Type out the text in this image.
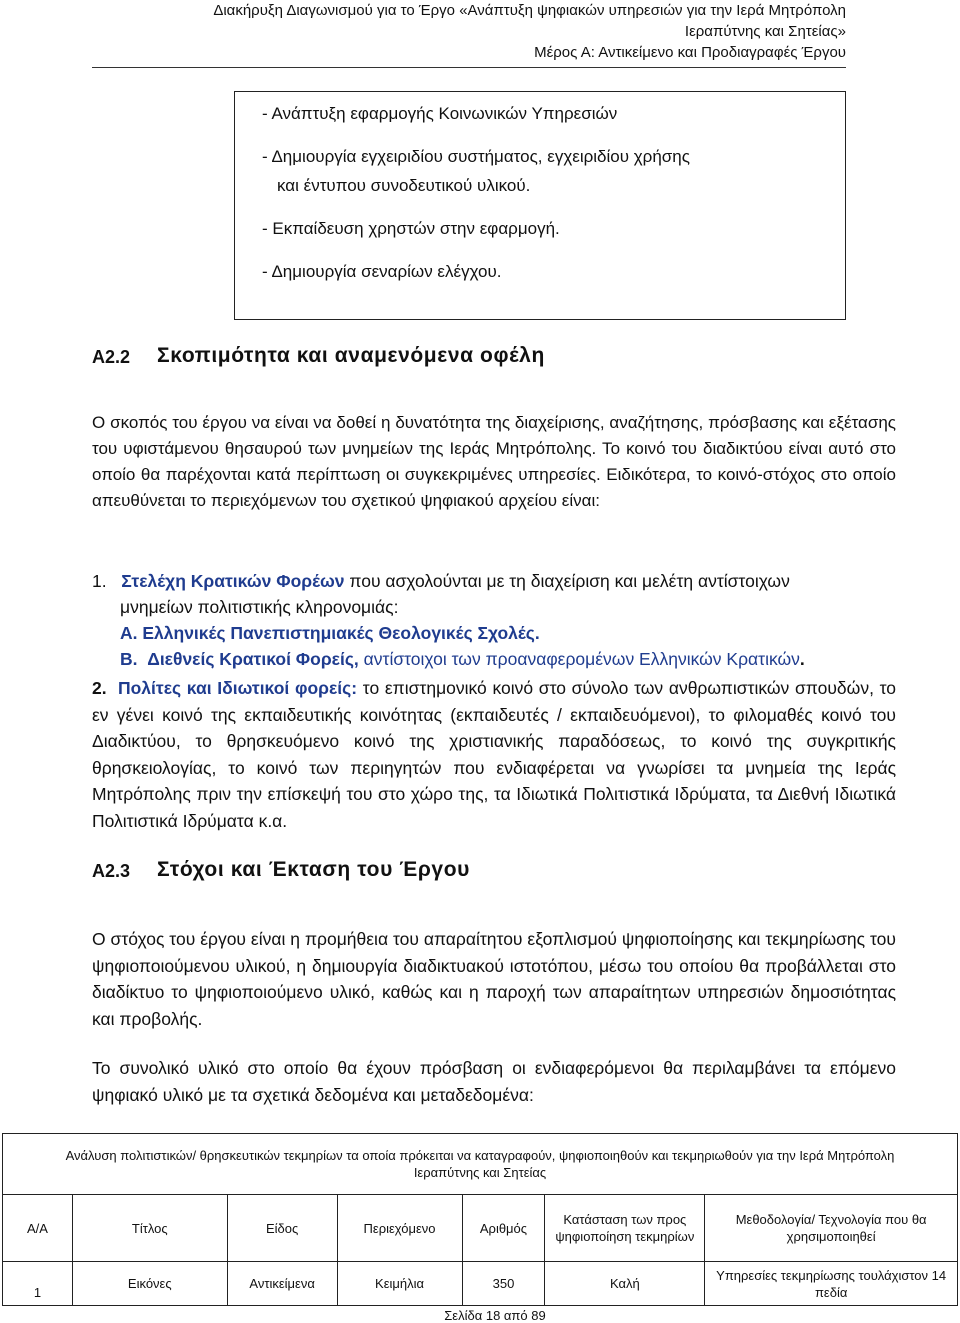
Διακήρυξη Διαγωνισμού για το Έργο «Ανάπτυξη ψηφιακών υπηρεσιών για την Ιερά Μητρόπολη
Ιεραπύτνης και Σητείας»
Μέρος Α: Αντικείμενο και Προδιαγραφές Έργου
- Ανάπτυξη εφαρμογής Κοινωνικών Υπηρεσιών
- Δημιουργία εγχειριδίου συστήματος, εγχειριδίου χρήσης
και έντυπου συνοδευτικού υλικού.
- Εκπαίδευση χρηστών στην εφαρμογή.
- Δημιουργία σεναρίων ελέγχου.
Α2.2 Σκοπιμότητα και αναμενόμενα οφέλη
Ο σκοπός του έργου να είναι να δοθεί η δυνατότητα της διαχείρισης, αναζήτησης, πρόσβασης και εξέτασης του υφιστάμενου θησαυρού των μνημείων της Ιεράς Μητρόπολης. Το κοινό του διαδικτύου είναι αυτό στο οποίο θα παρέχονται κατά περίπτωση οι συγκεκριμένες υπηρεσίες. Ειδικότερα, το κοινό-στόχος στο οποίο απευθύνεται το περιεχόμενων του σχετικού ψηφιακού αρχείου είναι:
1. Στελέχη Κρατικών Φορέων που ασχολούνται με τη διαχείριση και μελέτη αντίστοιχων
μνημείων πολιτιστικής κληρονομιάς:
Α. Ελληνικές Πανεπιστημιακές Θεολογικές Σχολές.
Β. Διεθνείς Κρατικοί Φορείς, αντίστοιχοι των προαναφερομένων Ελληνικών Κρατικών.
2. Πολίτες και Ιδιωτικοί φορείς: το επιστημονικό κοινό στο σύνολο των ανθρωπιστικών σπουδών, το εν γένει κοινό της εκπαιδευτικής κοινότητας (εκπαιδευτές / εκπαιδευόμενοι), το φιλομαθές κοινό του Διαδικτύου, το θρησκευόμενο κοινό της χριστιανικής παραδόσεως, το κοινό της συγκριτικής θρησκειολογίας, το κοινό των περιηγητών που ενδιαφέρεται να γνωρίσει τα μνημεία της Ιεράς Μητρόπολης πριν την επίσκεψή του στο χώρο της, τα Ιδιωτικά Πολιτιστικά Ιδρύματα, τα Διεθνή Ιδιωτικά Πολιτιστικά Ιδρύματα κ.α.
Α2.3 Στόχοι και Έκταση του Έργου
Ο στόχος του έργου είναι η προμήθεια του απαραίτητου εξοπλισμού ψηφιοποίησης και τεκμηρίωσης του ψηφιοποιούμενου υλικού, η δημιουργία διαδικτυακού ιστοτόπου, μέσω του οποίου θα προβάλλεται στο διαδίκτυο το ψηφιοποιούμενο υλικό, καθώς και η παροχή των απαραίτητων υπηρεσιών δημοσιότητας και προβολής.
Το συνολικό υλικό στο οποίο θα έχουν πρόσβαση οι ενδιαφερόμενοι θα περιλαμβάνει τα επόμενο ψηφιακό υλικό με τα σχετικά δεδομένα και μεταδεδομένα:
Ανάλυση πολιτιστικών/ θρησκευτικών τεκμηρίων τα οποία πρόκειται να καταγραφούν, ψηφιοποιηθούν και τεκμηριωθούν για την Ιερά Μητρόπολη
Ιεραπύτνης και Σητείας						

Α/Α	Τίτλος	Είδος	Περιεχόμενο	Αριθμός	Κατάσταση των προς ψηφιοποίηση τεκμηρίων	Μεθοδολογία/ Τεχνολογία που θα χρησιμοποιηθεί
1	Εικόνες	Αντικείμενα	Κειμήλια	350	Καλή	Υπηρεσίες τεκμηρίωσης τουλάχιστον 14 πεδία
Σελίδα 18 από 89
